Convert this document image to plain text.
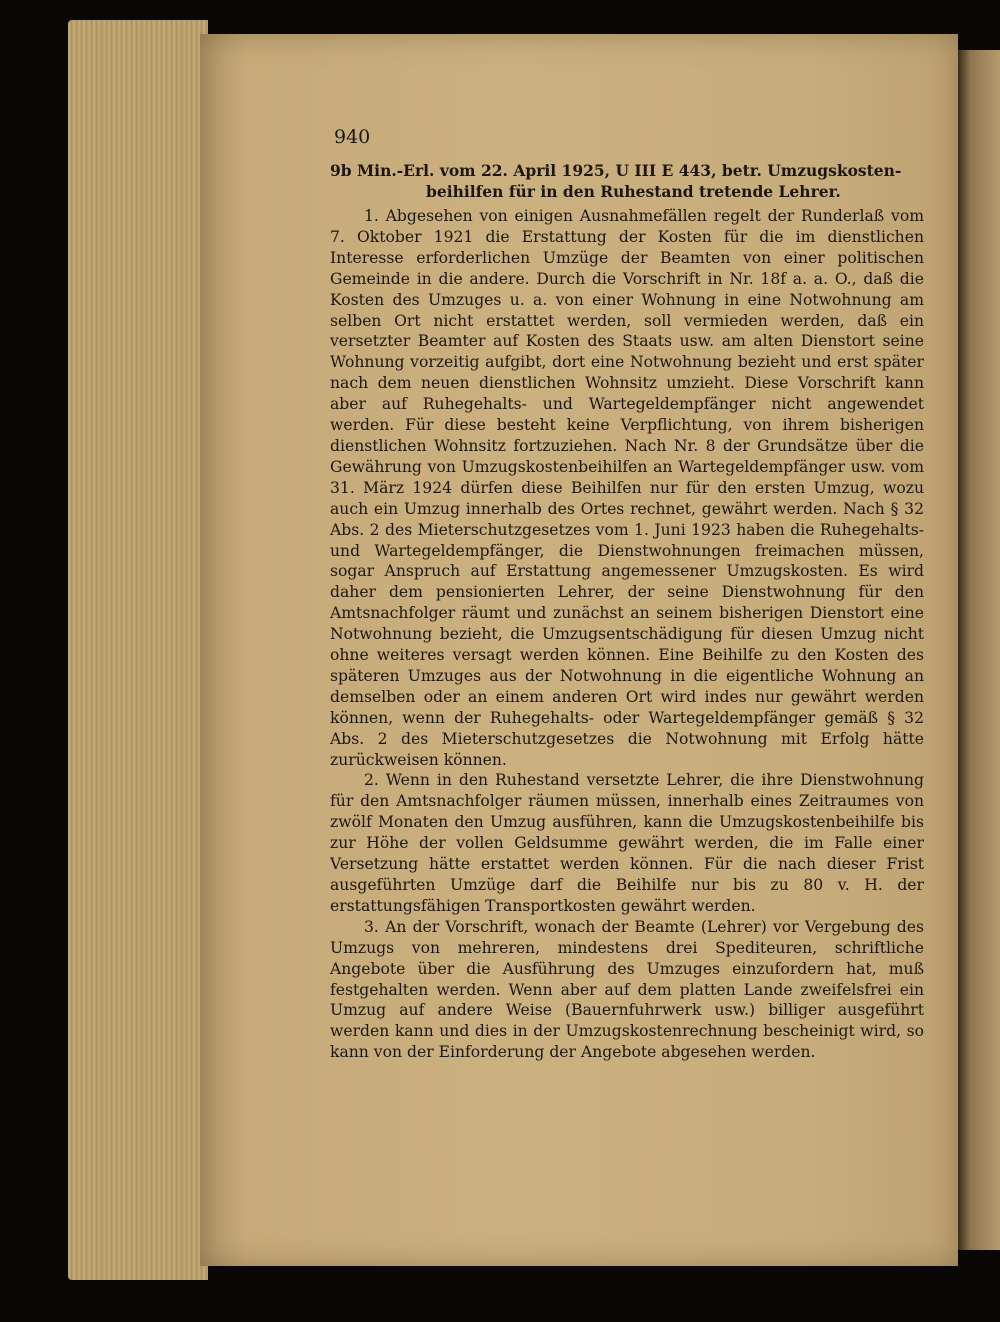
940
9b Min.-Erl. vom 22. April 1925, U III E 443, betr. Umzugskosten-
beihilfen für in den Ruhestand tretende Lehrer.

1. Abgesehen von einigen Ausnahmefällen regelt der Runderlaß vom 7. Oktober 1921 die Erstattung der Kosten für die im dienstlichen Interesse erforderlichen Umzüge der Beamten von einer politischen Gemeinde in die andere. Durch die Vorschrift in Nr. 18f a. a. O., daß die Kosten des Umzuges u. a. von einer Wohnung in eine Notwohnung am selben Ort nicht erstattet werden, soll vermieden werden, daß ein versetzter Beamter auf Kosten des Staats usw. am alten Dienstort seine Wohnung vorzeitig aufgibt, dort eine Notwohnung bezieht und erst später nach dem neuen dienstlichen Wohnsitz umzieht. Diese Vorschrift kann aber auf Ruhegehalts- und Wartegeldempfänger nicht angewendet werden. Für diese besteht keine Verpflichtung, von ihrem bisherigen dienstlichen Wohnsitz fortzuziehen. Nach Nr. 8 der Grundsätze über die Gewährung von Umzugskostenbeihilfen an Wartegeldempfänger usw. vom 31. März 1924 dürfen diese Beihilfen nur für den ersten Umzug, wozu auch ein Umzug innerhalb des Ortes rechnet, gewährt werden. Nach § 32 Abs. 2 des Mieterschutzgesetzes vom 1. Juni 1923 haben die Ruhegehalts- und Wartegeldempfänger, die Dienstwohnungen freimachen müssen, sogar Anspruch auf Erstattung angemessener Umzugskosten. Es wird daher dem pensionierten Lehrer, der seine Dienstwohnung für den Amtsnachfolger räumt und zunächst an seinem bisherigen Dienstort eine Notwohnung bezieht, die Umzugsentschädigung für diesen Umzug nicht ohne weiteres versagt werden können. Eine Beihilfe zu den Kosten des späteren Umzuges aus der Notwohnung in die eigentliche Wohnung an demselben oder an einem anderen Ort wird indes nur gewährt werden können, wenn der Ruhegehalts- oder Wartegeldempfänger gemäß § 32 Abs. 2 des Mieterschutzgesetzes die Notwohnung mit Erfolg hätte zurückweisen können.

2. Wenn in den Ruhestand versetzte Lehrer, die ihre Dienstwohnung für den Amtsnachfolger räumen müssen, innerhalb eines Zeitraumes von zwölf Monaten den Umzug ausführen, kann die Umzugskostenbeihilfe bis zur Höhe der vollen Geldsumme gewährt werden, die im Falle einer Versetzung hätte erstattet werden können. Für die nach dieser Frist ausgeführten Umzüge darf die Beihilfe nur bis zu 80 v. H. der erstattungsfähigen Transportkosten gewährt werden.

3. An der Vorschrift, wonach der Beamte (Lehrer) vor Vergebung des Umzugs von mehreren, mindestens drei Spediteuren, schriftliche Angebote über die Ausführung des Umzuges einzufordern hat, muß festgehalten werden. Wenn aber auf dem platten Lande zweifelsfrei ein Umzug auf andere Weise (Bauernfuhrwerk usw.) billiger ausgeführt werden kann und dies in der Umzugskostenrechnung bescheinigt wird, so kann von der Einforderung der Angebote abgesehen werden.
